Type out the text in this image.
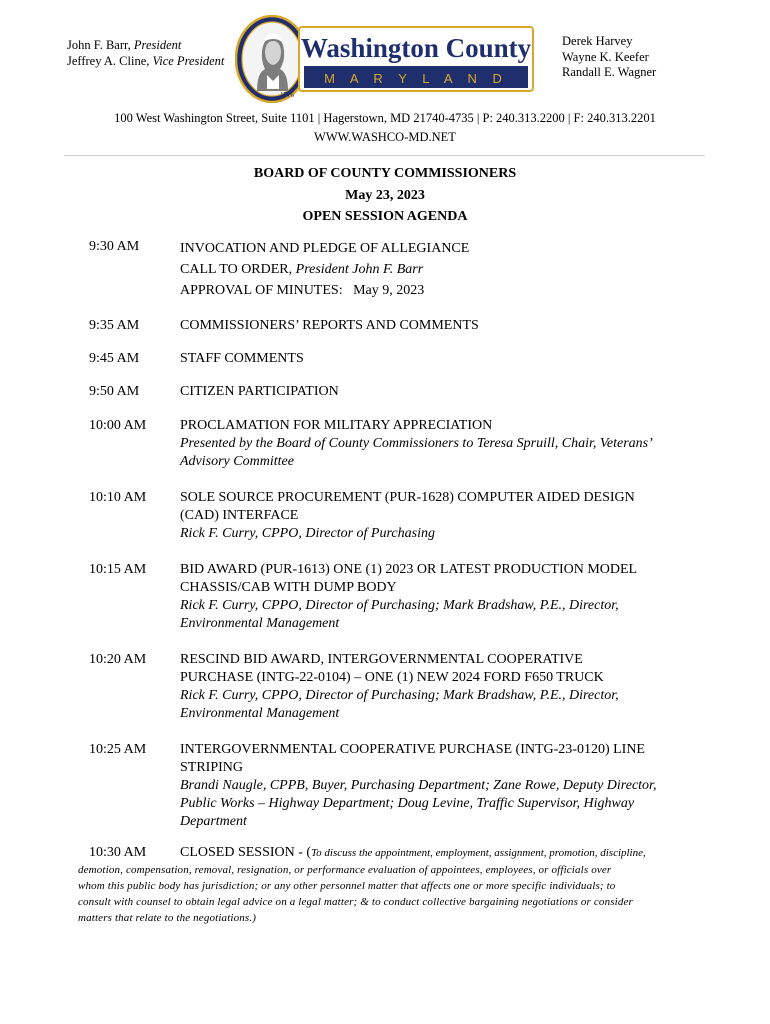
John F. Barr, President
Jeffrey A. Cline, Vice President
1776
Washington County
M A R Y L A N D
Derek Harvey
Wayne K. Keefer
Randall E. Wagner
100 West Washington Street, Suite 1101 | Hagerstown, MD 21740-4735 | P: 240.313.2200 | F: 240.313.2201
WWW.WASHCO-MD.NET
BOARD OF COUNTY COMMISSIONERS
May 23, 2023
OPEN SESSION AGENDA
9:30 AM	INVOCATION AND PLEDGE OF ALLEGIANCE
CALL TO ORDER, President John F. Barr
APPROVAL OF MINUTES:   May 9, 2023
9:35 AM	COMMISSIONERS’ REPORTS AND COMMENTS
9:45 AM	STAFF COMMENTS
9:50 AM	CITIZEN PARTICIPATION
10:00 AM	PROCLAMATION FOR MILITARY APPRECIATION
Presented by the Board of County Commissioners to Teresa Spruill, Chair, Veterans’
Advisory Committee
10:10 AM	SOLE SOURCE PROCUREMENT (PUR-1628) COMPUTER AIDED DESIGN
(CAD) INTERFACE
Rick F. Curry, CPPO, Director of Purchasing
10:15 AM	BID AWARD (PUR-1613) ONE (1) 2023 OR LATEST PRODUCTION MODEL
CHASSIS/CAB WITH DUMP BODY
Rick F. Curry, CPPO, Director of Purchasing; Mark Bradshaw, P.E., Director,
Environmental Management
10:20 AM	RESCIND BID AWARD, INTERGOVERNMENTAL COOPERATIVE
PURCHASE (INTG-22-0104) – ONE (1) NEW 2024 FORD F650 TRUCK
Rick F. Curry, CPPO, Director of Purchasing; Mark Bradshaw, P.E., Director,
Environmental Management
10:25 AM	INTERGOVERNMENTAL COOPERATIVE PURCHASE (INTG-23-0120) LINE
STRIPING
Brandi Naugle, CPPB, Buyer, Purchasing Department; Zane Rowe, Deputy Director,
Public Works – Highway Department; Doug Levine, Traffic Supervisor, Highway
Department
10:30 AM	CLOSED SESSION - (To discuss the appointment, employment, assignment, promotion, discipline,
demotion, compensation, removal, resignation, or performance evaluation of appointees, employees, or officials over
whom this public body has jurisdiction; or any other personnel matter that affects one or more specific individuals; to
consult with counsel to obtain legal advice on a legal matter; & to conduct collective bargaining negotiations or consider
matters that relate to the negotiations.)
